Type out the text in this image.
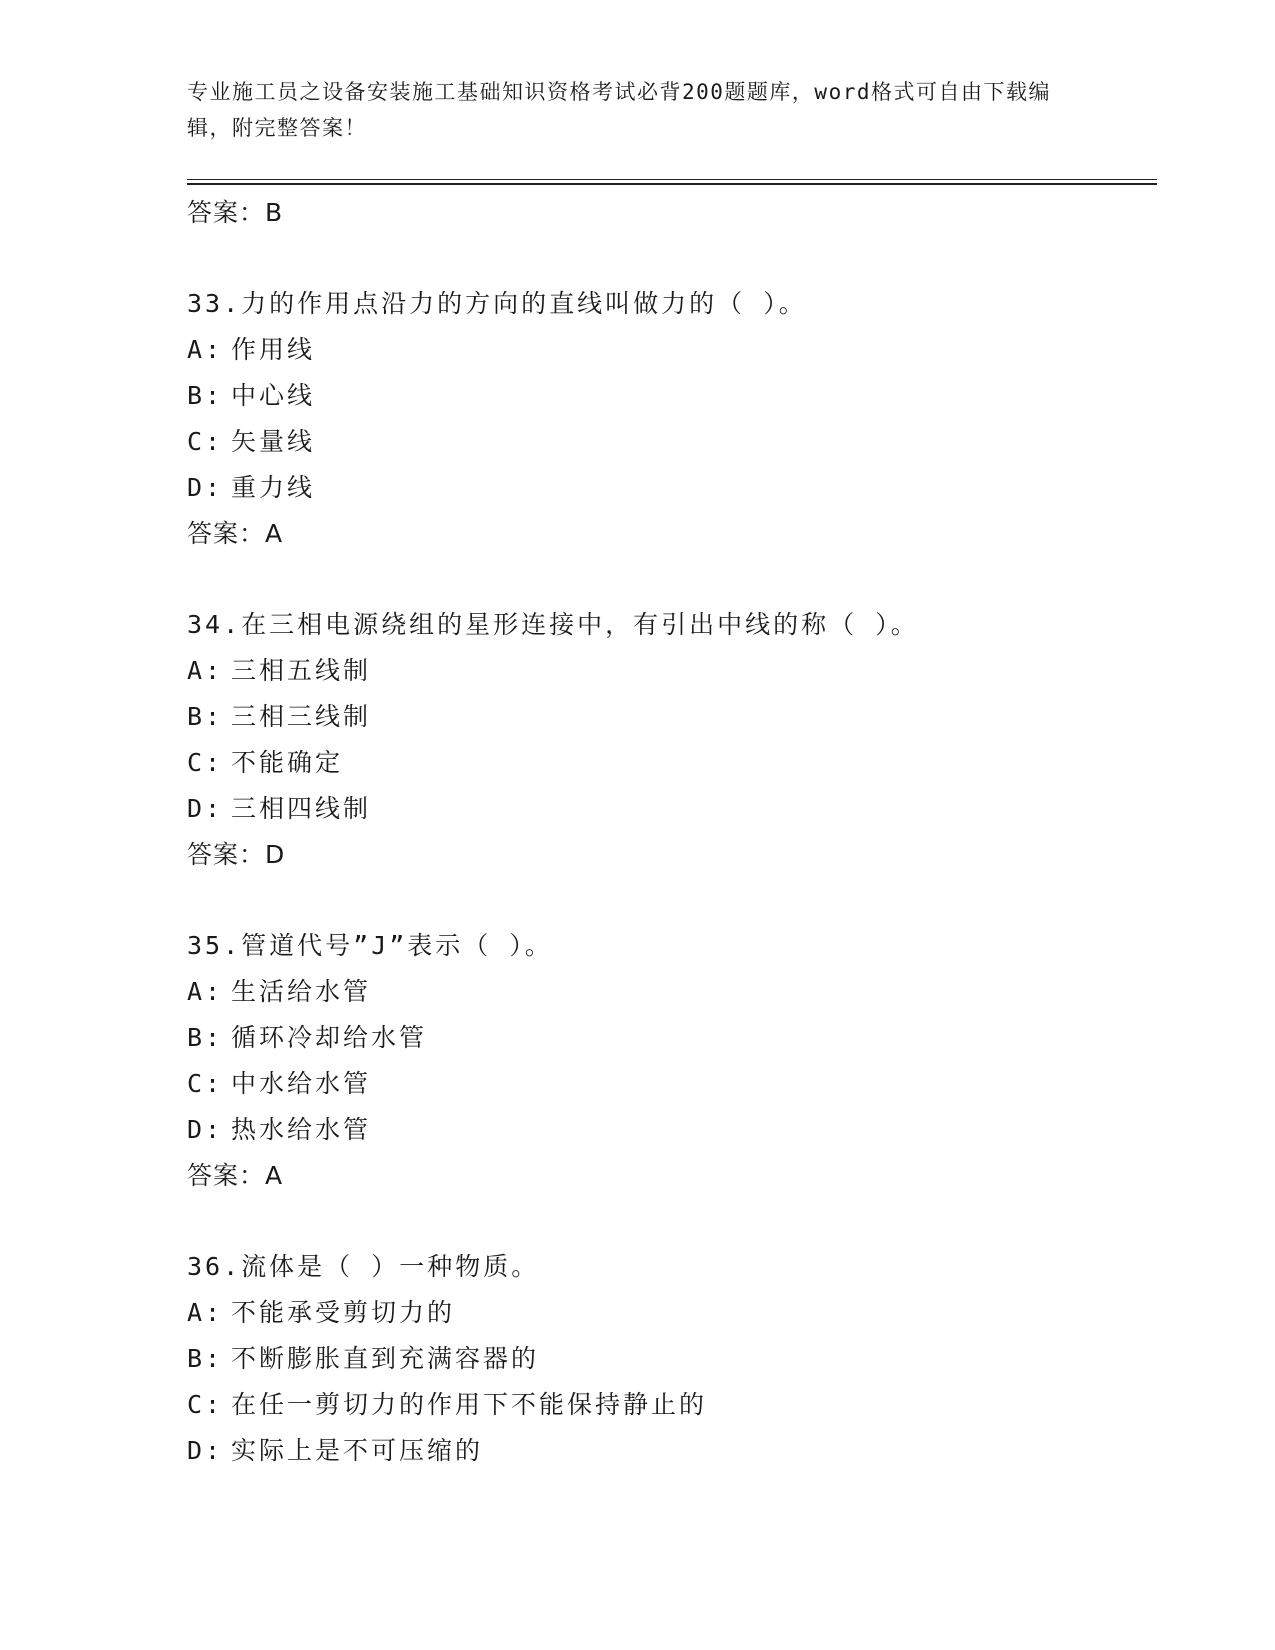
专业施工员之设备安装施工基础知识资格考试必背200题题库，word格式可自由下载编辑，附完整答案！
答案：B
33.力的作用点沿力的方向的直线叫做力的（ ）。
A: 作用线
B: 中心线
C: 矢量线
D: 重力线
答案：A
34.在三相电源绕组的星形连接中，有引出中线的称（ ）。
A: 三相五线制
B: 三相三线制
C: 不能确定
D: 三相四线制
答案：D
35.管道代号”J”表示（ ）。
A: 生活给水管
B: 循环冷却给水管
C: 中水给水管
D: 热水给水管
答案：A
36.流体是（ ）一种物质。
A: 不能承受剪切力的
B: 不断膨胀直到充满容器的
C: 在任一剪切力的作用下不能保持静止的
D: 实际上是不可压缩的
